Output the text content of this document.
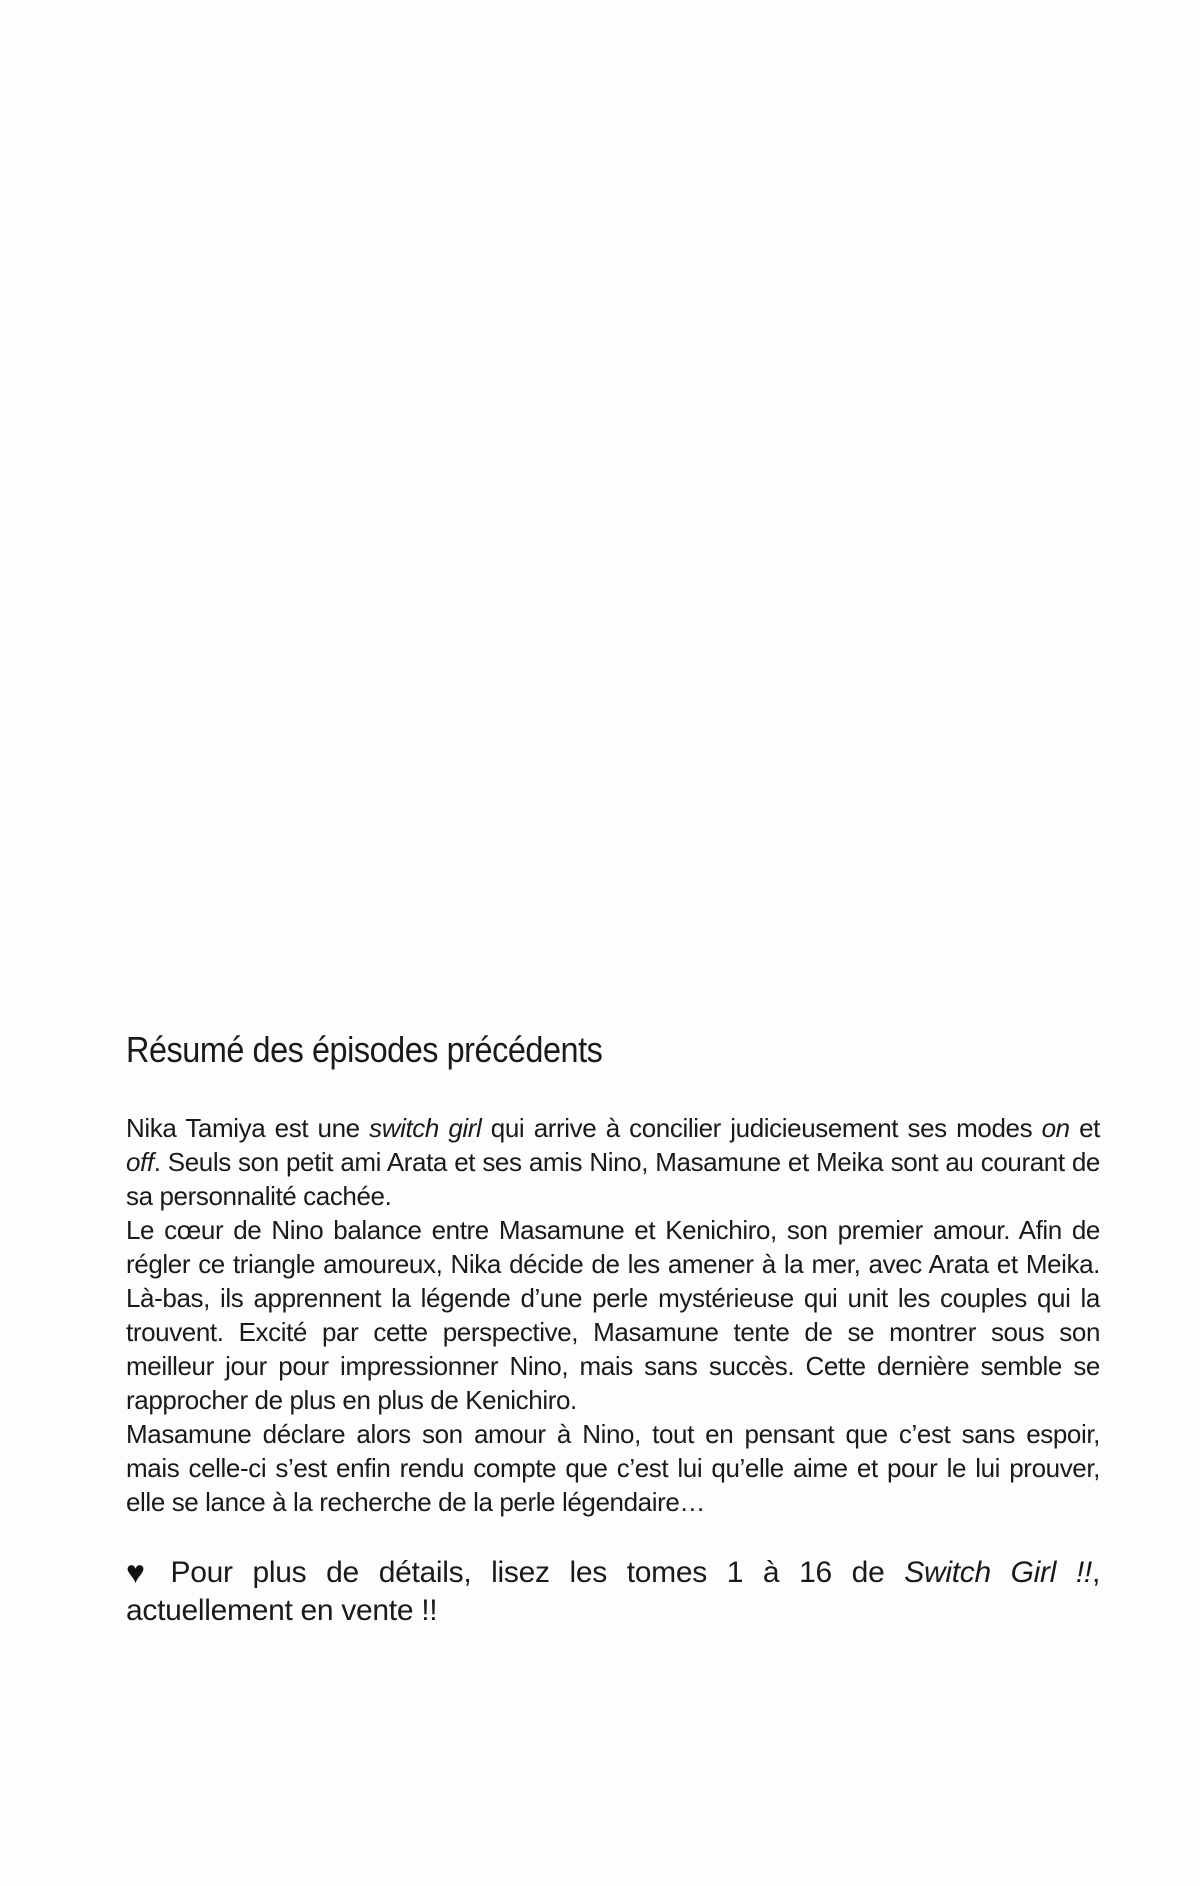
Résumé des épisodes précédents

Nika Tamiya est une switch girl qui arrive à concilier judicieusement ses modes on et off. Seuls son petit ami Arata et ses amis Nino, Masamune et Meika sont au courant de sa personnalité cachée.

Le cœur de Nino balance entre Masamune et Kenichiro, son premier amour. Afin de régler ce triangle amoureux, Nika décide de les amener à la mer, avec Arata et Meika. Là-bas, ils apprennent la légende d’une perle mystérieuse qui unit les couples qui la trouvent. Excité par cette perspective, Masamune tente de se montrer sous son meilleur jour pour impressionner Nino, mais sans succès. Cette dernière semble se rapprocher de plus en plus de Kenichiro.

Masamune déclare alors son amour à Nino, tout en pensant que c’est sans espoir, mais celle-ci s’est enfin rendu compte que c’est lui qu’elle aime et pour le lui prouver, elle se lance à la recherche de la perle légendaire…

♥ Pour plus de détails, lisez les tomes 1 à 16 de Switch Girl !!, actuellement en vente !!
